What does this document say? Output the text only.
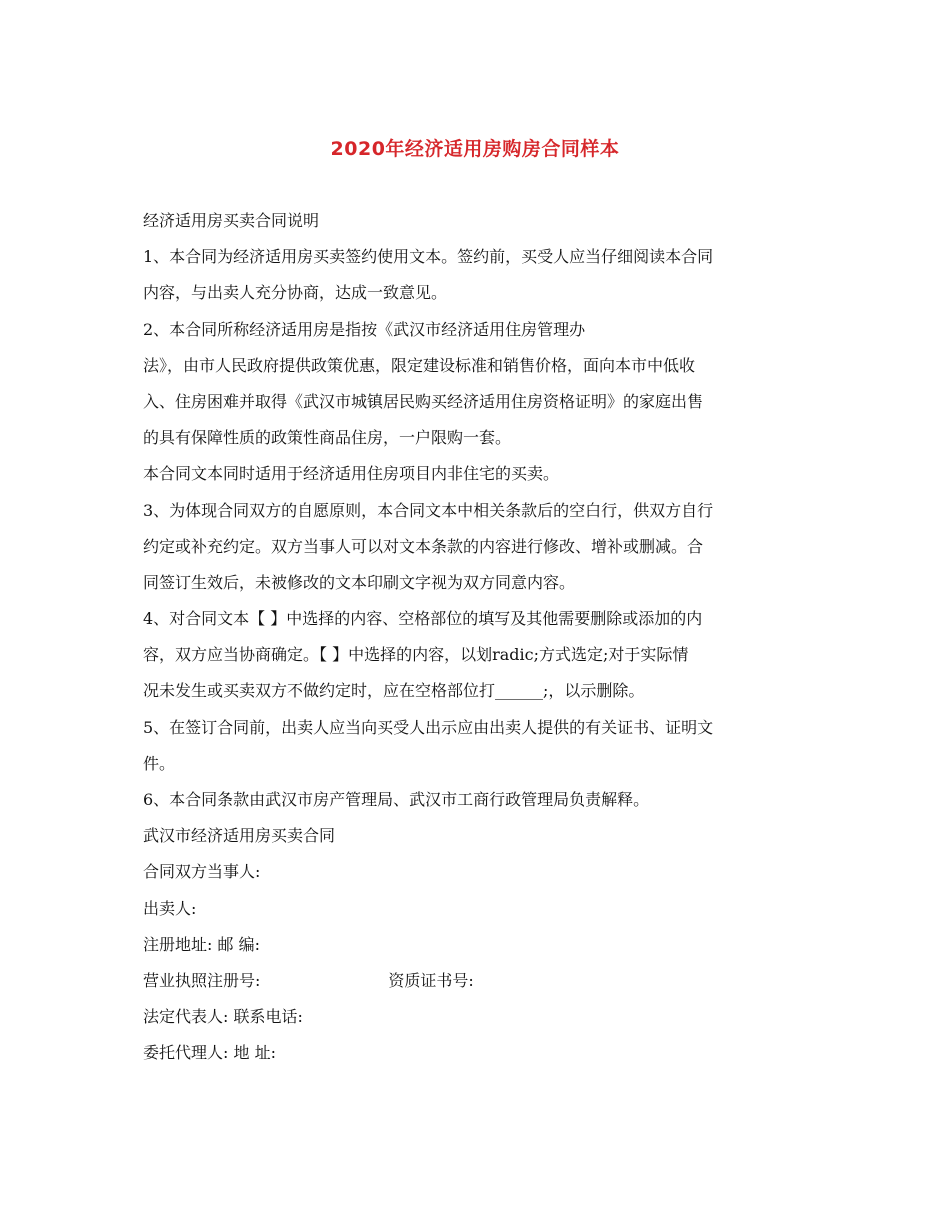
2020年经济适用房购房合同样本
经济适用房买卖合同说明
1、本合同为经济适用房买卖签约使用文本。签约前，买受人应当仔细阅读本合同
内容，与出卖人充分协商，达成一致意见。
2、本合同所称经济适用房是指按《武汉市经济适用住房管理办
法》，由市人民政府提供政策优惠，限定建设标准和销售价格，面向本市中低收
入、住房困难并取得《武汉市城镇居民购买经济适用住房资格证明》的家庭出售
的具有保障性质的政策性商品住房，一户限购一套。
本合同文本同时适用于经济适用住房项目内非住宅的买卖。
3、为体现合同双方的自愿原则，本合同文本中相关条款后的空白行，供双方自行
约定或补充约定。双方当事人可以对文本条款的内容进行修改、增补或删减。合
同签订生效后，未被修改的文本印刷文字视为双方同意内容。
4、对合同文本【 】中选择的内容、空格部位的填写及其他需要删除或添加的内
容，双方应当协商确定。【 】中选择的内容，以划radic;方式选定;对于实际情
况未发生或买卖双方不做约定时，应在空格部位打______;，以示删除。
5、在签订合同前，出卖人应当向买受人出示应由出卖人提供的有关证书、证明文
件。
6、本合同条款由武汉市房产管理局、武汉市工商行政管理局负责解释。
武汉市经济适用房买卖合同
合同双方当事人:
出卖人:
注册地址: 邮 编:
营业执照注册号:	资质证书号:
法定代表人: 联系电话:
委托代理人: 地 址:
